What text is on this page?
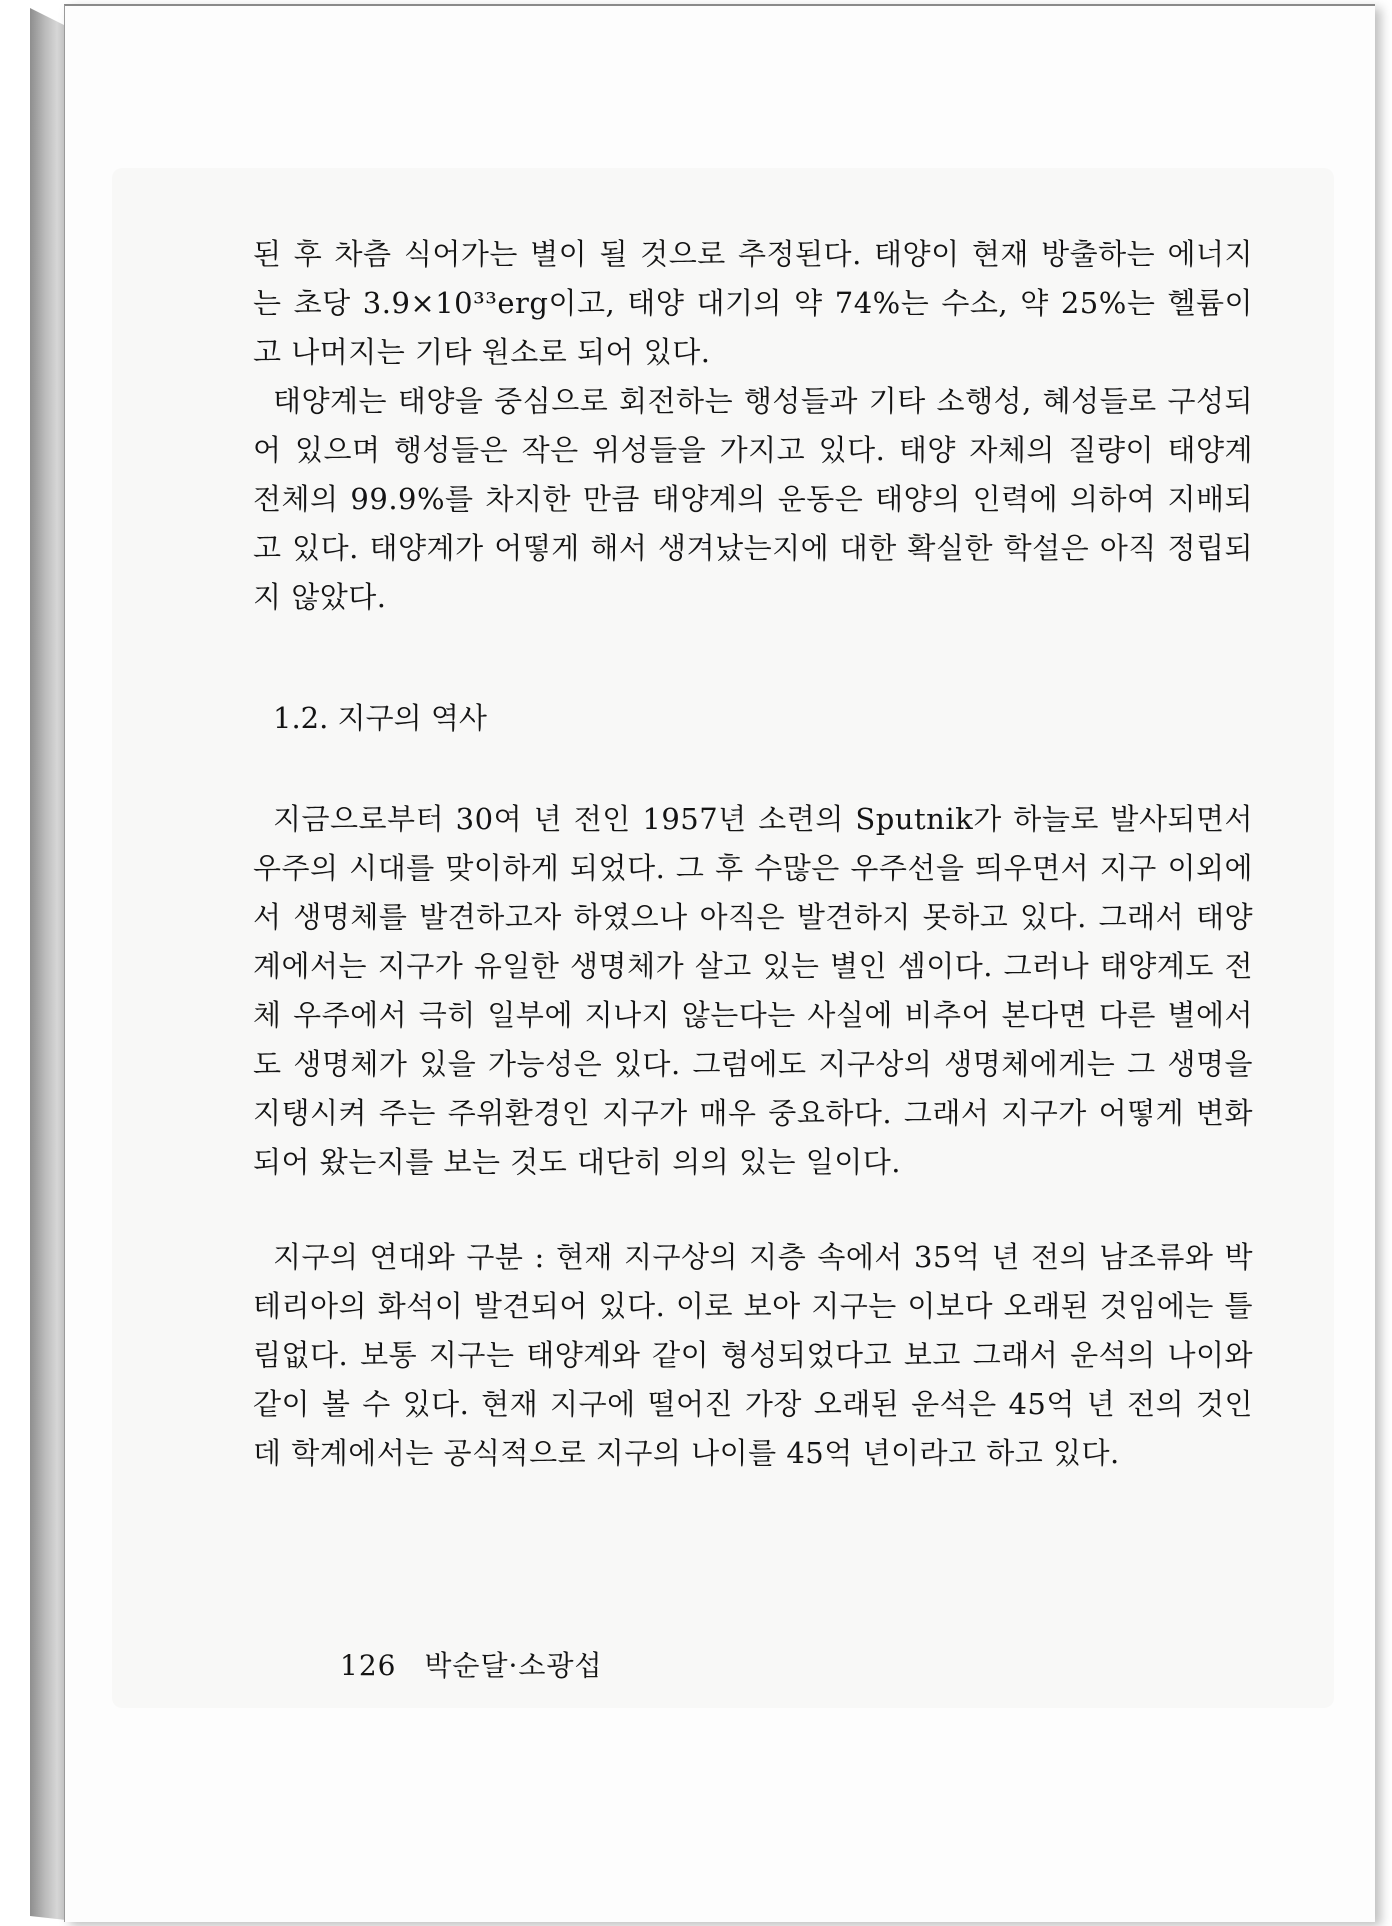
된 후 차츰 식어가는 별이 될 것으로 추정된다. 태양이 현재 방출하는 에너지는 초당 3.9×10³³erg이고, 태양 대기의 약 74%는 수소, 약 25%는 헬륨이고 나머지는 기타 원소로 되어 있다.

태양계는 태양을 중심으로 회전하는 행성들과 기타 소행성, 혜성들로 구성되어 있으며 행성들은 작은 위성들을 가지고 있다. 태양 자체의 질량이 태양계 전체의 99.9%를 차지한 만큼 태양계의 운동은 태양의 인력에 의하여 지배되고 있다. 태양계가 어떻게 해서 생겨났는지에 대한 확실한 학설은 아직 정립되지 않았다.

1.2. 지구의 역사

지금으로부터 30여 년 전인 1957년 소련의 Sputnik가 하늘로 발사되면서 우주의 시대를 맞이하게 되었다. 그 후 수많은 우주선을 띄우면서 지구 이외에서 생명체를 발견하고자 하였으나 아직은 발견하지 못하고 있다. 그래서 태양계에서는 지구가 유일한 생명체가 살고 있는 별인 셈이다. 그러나 태양계도 전체 우주에서 극히 일부에 지나지 않는다는 사실에 비추어 본다면 다른 별에서도 생명체가 있을 가능성은 있다. 그럼에도 지구상의 생명체에게는 그 생명을 지탱시켜 주는 주위환경인 지구가 매우 중요하다. 그래서 지구가 어떻게 변화되어 왔는지를 보는 것도 대단히 의의 있는 일이다.

지구의 연대와 구분 : 현재 지구상의 지층 속에서 35억 년 전의 남조류와 박테리아의 화석이 발견되어 있다. 이로 보아 지구는 이보다 오래된 것임에는 틀림없다. 보통 지구는 태양계와 같이 형성되었다고 보고 그래서 운석의 나이와 같이 볼 수 있다. 현재 지구에 떨어진 가장 오래된 운석은 45억 년 전의 것인데 학계에서는 공식적으로 지구의 나이를 45억 년이라고 하고 있다.

126 박순달·소광섭
